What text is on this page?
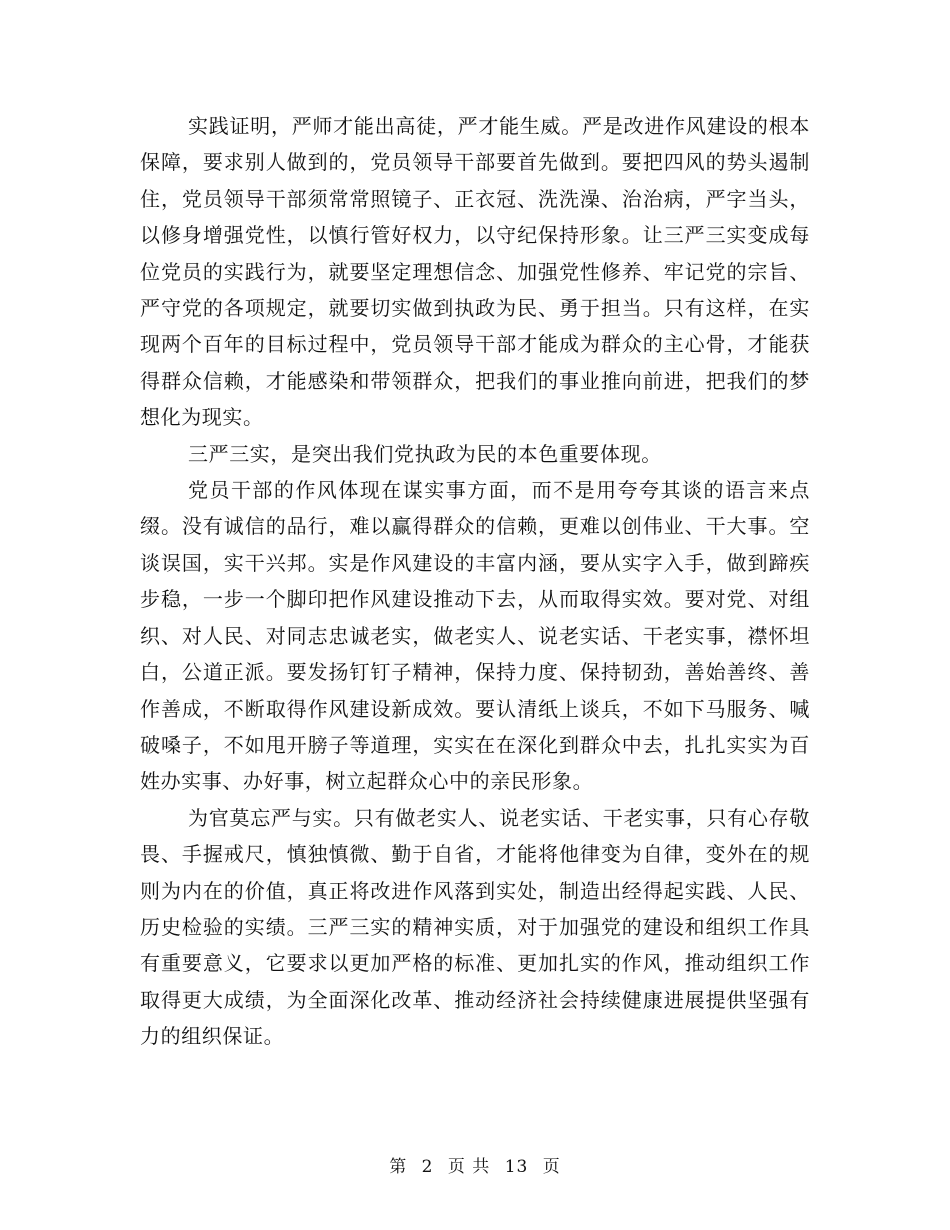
实践证明，严师才能出高徒，严才能生威。严是改进作风建设的根本保障，要求别人做到的，党员领导干部要首先做到。要把四风的势头遏制住，党员领导干部须常常照镜子、正衣冠、洗洗澡、治治病，严字当头，以修身增强党性，以慎行管好权力，以守纪保持形象。让三严三实变成每位党员的实践行为，就要坚定理想信念、加强党性修养、牢记党的宗旨、严守党的各项规定，就要切实做到执政为民、勇于担当。只有这样，在实现两个百年的目标过程中，党员领导干部才能成为群众的主心骨，才能获得群众信赖，才能感染和带领群众，把我们的事业推向前进，把我们的梦想化为现实。

三严三实，是突出我们党执政为民的本色重要体现。

党员干部的作风体现在谋实事方面，而不是用夸夸其谈的语言来点缀。没有诚信的品行，难以赢得群众的信赖，更难以创伟业、干大事。空谈误国，实干兴邦。实是作风建设的丰富内涵，要从实字入手，做到蹄疾步稳，一步一个脚印把作风建设推动下去，从而取得实效。要对党、对组织、对人民、对同志忠诚老实，做老实人、说老实话、干老实事，襟怀坦白，公道正派。要发扬钉钉子精神，保持力度、保持韧劲，善始善终、善作善成，不断取得作风建设新成效。要认清纸上谈兵，不如下马服务、喊破嗓子，不如甩开膀子等道理，实实在在深化到群众中去，扎扎实实为百姓办实事、办好事，树立起群众心中的亲民形象。

为官莫忘严与实。只有做老实人、说老实话、干老实事，只有心存敬畏、手握戒尺，慎独慎微、勤于自省，才能将他律变为自律，变外在的规则为内在的价值，真正将改进作风落到实处，制造出经得起实践、人民、历史检验的实绩。三严三实的精神实质，对于加强党的建设和组织工作具有重要意义，它要求以更加严格的标准、更加扎实的作风，推动组织工作取得更大成绩，为全面深化改革、推动经济社会持续健康进展提供坚强有力的组织保证。

第 2 页 共 13 页
